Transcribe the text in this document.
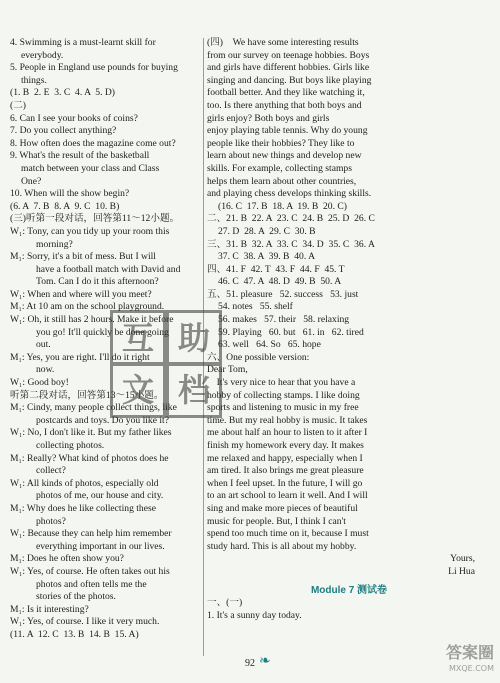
4. Swimming is a must-learnt skill for
everybody.
5. People in England use pounds for buying
things.
(1. B  2. E  3. C  4. A  5. D)
(二)
6. Can I see your books of coins?
7. Do you collect anything?
8. How often does the magazine come out?
9. What's the result of the basketball
match between your class and Class
One?
10. When will the show begin?
(6. A  7. B  8. A  9. C  10. B)
(三)听第一段对话，回答第11～12小题。
W₁: Tony, can you tidy up your room this
morning?
M₁: Sorry, it's a bit of mess. But I will
have a football match with David and
Tom. Can I do it this afternoon?
W₁: When and where will you meet?
M₁: At 10 am on the school playground.
W₁: Oh, it still has 2 hours. Make it before
you go! It'll quickly be done going
out.
M₁: Yes, you are right. I'll do it right
now.
W₁: Good boy!
听第二段对话，回答第13～15小题。
M₁: Cindy, many people collect things, like
postcards and toys. Do you like it?
W₁: No, I don't like it. But my father likes
collecting photos.
M₁: Really? What kind of photos does he
collect?
W₁: All kinds of photos, especially old
photos of me, our house and city.
M₁: Why does he like collecting these
photos?
W₁: Because they can help him remember
everything important in our lives.
M₁: Does he often show you?
W₁: Yes, of course. He often takes out his
photos and often tells me the
stories of the photos.
M₁: Is it interesting?
W₁: Yes, of course. I like it very much.
(11. A  12. C  13. B  14. B  15. A)
(四)    We have some interesting results
from our survey on teenage hobbies. Boys
and girls have different hobbies. Girls like
singing and dancing. But boys like playing
football better. And they like watching it,
too. Is there anything that both boys and
girls enjoy? Both boys and girls
enjoy playing table tennis. Why do young
people like their hobbies? They like to
learn about new things and develop new
skills. For example, collecting stamps
helps them learn about other countries,
and playing chess develops thinking skills.
(16. C  17. B  18. A  19. B  20. C)
二、21. B  22. A  23. C  24. B  25. D  26. C
27. D  28. A  29. C  30. B
三、31. B  32. A  33. C  34. D  35. C  36. A
37. C  38. A  39. B  40. A
四、41. F  42. T  43. F  44. F  45. T
46. C  47. A  48. D  49. B  50. A
五、51. pleasure   52. success   53. just
54. notes   55. shelf
56. makes   57. their   58. relaxing
59. Playing   60. but   61. in   62. tired
63. well   64. So   65. hope
六、One possible version:
Dear Tom,
It's very nice to hear that you have a
hobby of collecting stamps. I like doing
sports and listening to music in my free
time. But my real hobby is music. It takes
me about half an hour to listen to it after I
finish my homework every day. It makes
me relaxed and happy, especially when I
am tired. It also brings me great pleasure
when I feel upset. In the future, I will go
to an art school to learn it well. And I will
sing and make more pieces of beautiful
music for people. But, I think I can't
spend too much time on it, because I must
study hard. This is all about my hobby.
Yours,
Li Hua
Module 7 测试卷
一、(一)
1. It's a sunny day today.
互 助
文 档
❧
92
答案圈
MXQE.COM
